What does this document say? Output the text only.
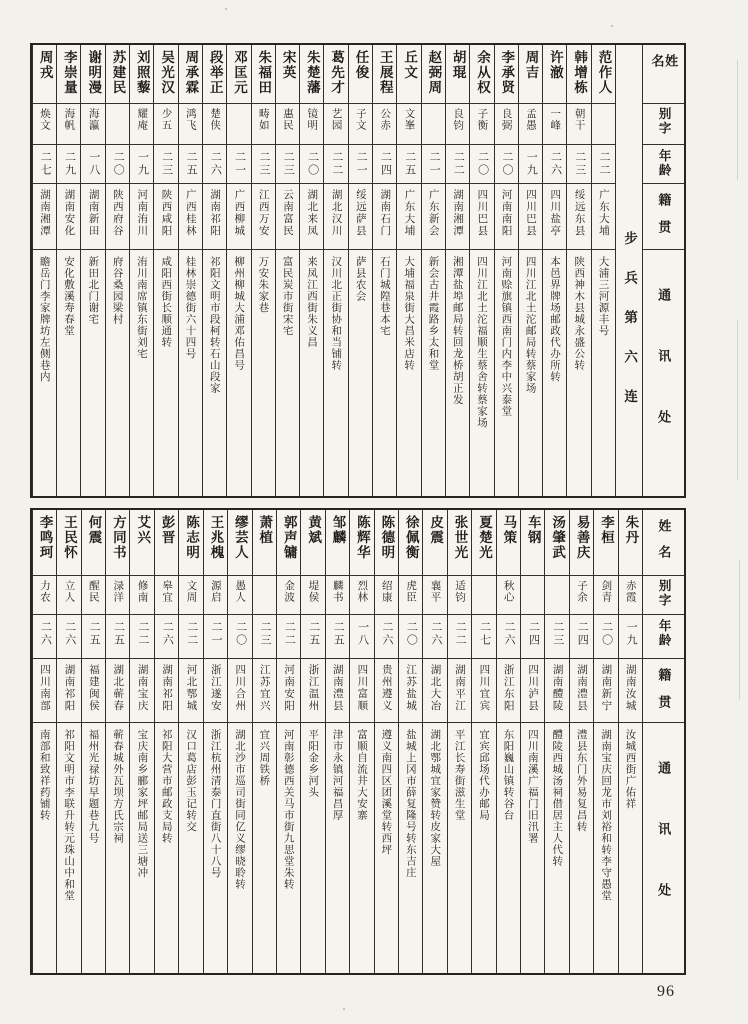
姓名
别字
年龄
籍贯
通讯处
步兵第六连
范作人
二二
广东大埔
大浦三河源丰号
韩增栋
朝干
二三
绥远东县
陕西神木县城永盛公转
许澈
一峰
二六
四川盐亭
本邑界牌场邮政代办所转
周吉
孟愚
一九
四川巴县
四川江北土沱邮局转蔡家场
李承贤
良弼
二〇
河南南阳
河南赊旗镇西南门内李中兴泰堂
余从权
子衡
二〇
四川巴县
四川江北土沱福顺生蔡舍转蔡家场
胡琨
良钧
二二
湖南湘潭
湘潭盐埠邮局转回龙桥胡正发
赵弼周
二一
广东新会
新会古井霞路乡太和堂
丘文
文峯
二五
广东大埔
大埔福泉街大昌米店转
王展程
公赤
二四
湖南石门
石门城隍巷本宅
任俊
子文
二一
绥远萨县
萨县农会
葛先才
艺园
二二
湖北汉川
汉川北正街协和当铺转
朱楚藩
镜明
二〇
湖北来凤
来凤江西街朱义昌
宋英
惠民
二三
云南富民
富民炭市街宋宅
朱福田
畴如
二三
江西万安
万安朱家巷
邓匡元
二一
广西柳城
柳州柳城大浦邓佑昌号
段举正
楚侠
二六
湖南祁阳
祁阳文明市段柯转石山段家
周承霖
鸿飞
二五
广西桂林
桂林崇德街六十四号
吴光汉
少五
二三
陕西咸阳
咸阳西街长顺通转
刘照藜
耀庵
一九
河南洧川
洧川南席镇东街刘宅
苏建民
二〇
陕西府谷
府谷桑园梁村
谢明漫
海瀛
一八
湖南新田
新田北门谢宅
李崇量
海帆
二九
湖南安化
安化敷溪寿春堂
周戎
焕文
二七
湖南湘潭
瞻岳门李家牌坊左侧巷内
姓名
别字
年龄
籍贯
通讯处
朱丹
赤霞
一九
湖南汝城
汝城西街广佑祥
李桓
剑青
二〇
湖南新宁
湖南宝庆回龙市刘裕和转李守愚堂
易善庆
子余
二四
湖南澧县
澧县东门外易复昌转
汤肇武
二三
湖南醴陵
醴陵西城汤祠借居主人代转
车钢
二四
四川泸县
四川南溪广福门旧汛署
马策
秋心
二六
浙江东阳
东阳巍山镇转谷台
夏楚光
二七
四川宜宾
宜宾邱场代办邮局
张世光
适钧
二二
湖南平江
平江长寿街滋生堂
皮震
襄平
二六
湖北大冶
湖北鄂城宜家赞转皮家大屋
徐佩衡
虎臣
二〇
江苏盐城
盐城上冈市薛复隆号转东吉庄
陈德明
绍康
二六
贵州遵义
遵义南四区团溪堂转西坪
陈辉华
烈林
一八
四川富顺
富顺自流井大安寨
邹麟
麟书
二五
湖南澧县
津市永镇河福昌厚
黄斌
堤侯
二五
浙江温州
平阳金乡河头
郭声镛
金波
二二
河南安阳
河南彰德西关马市街九思堂朱转
萧植
二三
江苏宜兴
宜兴周铁桥
缪芸人
愚人
二〇
四川合州
湖北沙市巡司街同亿义缪晓聆转
王兆槐
源启
二一
浙江遂安
浙江杭州清泰门直街八十八号
陈志明
文周
二二
河北鄂城
汉口葛店彭玉记转交
彭晋
皋宜
二六
湖南祁阳
祁阳大营市邮政支局转
艾兴
修南
二二
湖南宝庆
宝庆南乡郦家坪邮局送三塘冲
方同书
渌洋
二五
湖北蕲春
蕲春城外瓦坝方氏宗祠
何震
醒民
二五
福建闽侯
福州光禄坊早题巷九号
王民怀
立人
二六
湖南祁阳
祁阳文明市李联升转元珠山中和堂
李鸣珂
力农
二六
四川南部
南部和致祥药铺转
96
